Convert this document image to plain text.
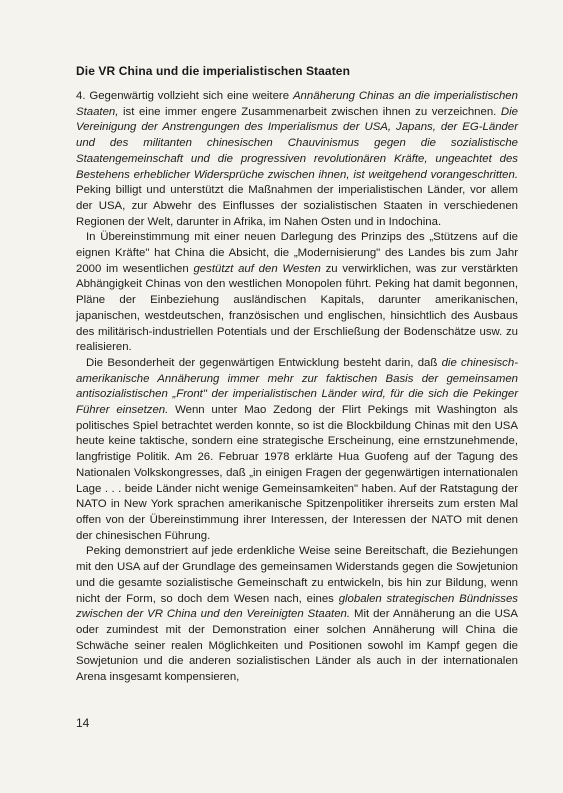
Die VR China und die imperialistischen Staaten

4. Gegenwärtig vollzieht sich eine weitere Annäherung Chinas an die imperialistischen Staaten, ist eine immer engere Zusammenarbeit zwischen ihnen zu verzeichnen. Die Vereinigung der Anstrengungen des Imperialismus der USA, Japans, der EG-Länder und des militanten chinesischen Chauvinismus gegen die sozialistische Staatengemeinschaft und die progressiven revolutionären Kräfte, ungeachtet des Bestehens erheblicher Widersprüche zwischen ihnen, ist weitgehend vorangeschritten. Peking billigt und unterstützt die Maßnahmen der imperialistischen Länder, vor allem der USA, zur Abwehr des Einflusses der sozialistischen Staaten in verschiedenen Regionen der Welt, darunter in Afrika, im Nahen Osten und in Indochina.

In Übereinstimmung mit einer neuen Darlegung des Prinzips des „Stützens auf die eignen Kräfte" hat China die Absicht, die „Modernisierung" des Landes bis zum Jahr 2000 im wesentlichen gestützt auf den Westen zu verwirklichen, was zur verstärkten Abhängigkeit Chinas von den westlichen Monopolen führt. Peking hat damit begonnen, Pläne der Einbeziehung ausländischen Kapitals, darunter amerikanischen, japanischen, westdeutschen, französischen und englischen, hinsichtlich des Ausbaus des militärisch-industriellen Potentials und der Erschließung der Bodenschätze usw. zu realisieren.

Die Besonderheit der gegenwärtigen Entwicklung besteht darin, daß die chinesisch-amerikanische Annäherung immer mehr zur faktischen Basis der gemeinsamen antisozialistischen „Front" der imperialistischen Länder wird, für die sich die Pekinger Führer einsetzen. Wenn unter Mao Zedong der Flirt Pekings mit Washington als politisches Spiel betrachtet werden konnte, so ist die Blockbildung Chinas mit den USA heute keine taktische, sondern eine strategische Erscheinung, eine ernstzunehmende, langfristige Politik. Am 26. Februar 1978 erklärte Hua Guofeng auf der Tagung des Nationalen Volkskongresses, daß „in einigen Fragen der gegenwärtigen internationalen Lage . . . beide Länder nicht wenige Gemeinsamkeiten" haben. Auf der Ratstagung der NATO in New York sprachen amerikanische Spitzenpolitiker ihrerseits zum ersten Mal offen von der Übereinstimmung ihrer Interessen, der Interessen der NATO mit denen der chinesischen Führung.

Peking demonstriert auf jede erdenkliche Weise seine Bereitschaft, die Beziehungen mit den USA auf der Grundlage des gemeinsamen Widerstands gegen die Sowjetunion und die gesamte sozialistische Gemeinschaft zu entwickeln, bis hin zur Bildung, wenn nicht der Form, so doch dem Wesen nach, eines globalen strategischen Bündnisses zwischen der VR China und den Vereinigten Staaten. Mit der Annäherung an die USA oder zumindest mit der Demonstration einer solchen Annäherung will China die Schwäche seiner realen Möglichkeiten und Positionen sowohl im Kampf gegen die Sowjetunion und die anderen sozialistischen Länder als auch in der internationalen Arena insgesamt kompensieren,

14
